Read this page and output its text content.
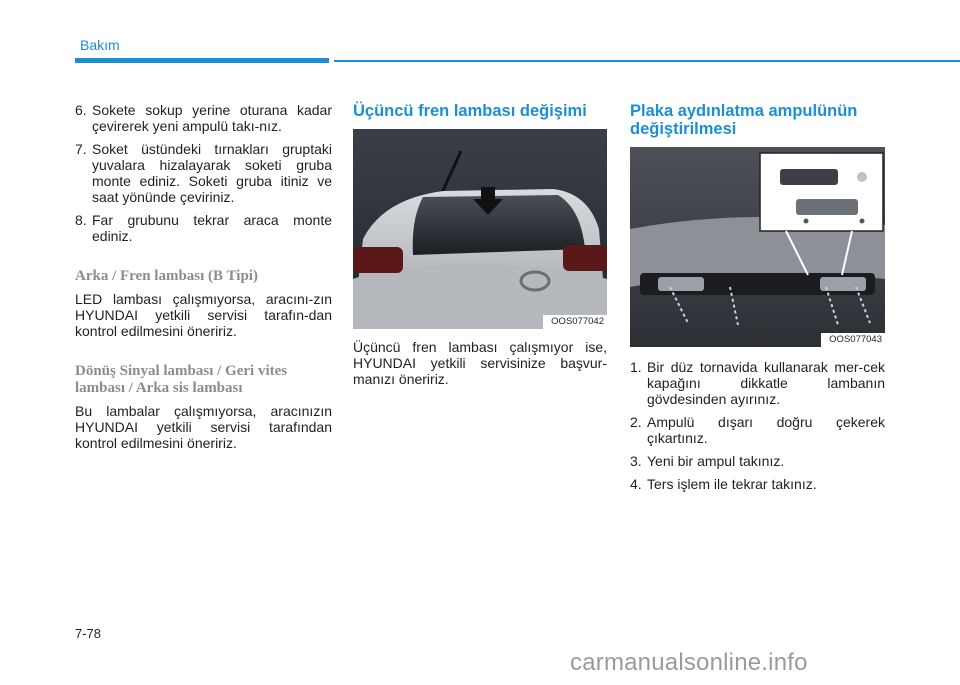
Bakım
6. Sokete sokup yerine oturana kadar çevirerek yeni ampulü takı-nız.
7. Soket üstündeki tırnakları gruptaki yuvalara hizalayarak soketi gruba monte ediniz. Soketi gruba itiniz ve saat yönünde çeviriniz.
8. Far grubunu tekrar araca monte ediniz.
Arka / Fren lambası (B Tipi)
LED lambası çalışmıyorsa, aracını-zın HYUNDAI yetkili servisi tarafın-dan kontrol edilmesini öneririz.
Dönüş Sinyal lambası / Geri vites lambası / Arka sis lambası
Bu lambalar çalışmıyorsa, aracınızın HYUNDAI yetkili servisi tarafından kontrol edilmesini öneririz.
Üçüncü fren lambası değişimi
OOS077042
Üçüncü fren lambası çalışmıyor ise, HYUNDAI yetkili servisinize başvur-manızı öneririz.
Plaka aydınlatma ampulünün değiştirilmesi
OOS077043
1. Bir düz tornavida kullanarak mer-cek kapağını dikkatle lambanın gövdesinden ayırınız.
2. Ampulü dışarı doğru çekerek çıkartınız.
3. Yeni bir ampul takınız.
4. Ters işlem ile tekrar takınız.
7-78
carmanualsonline.info
